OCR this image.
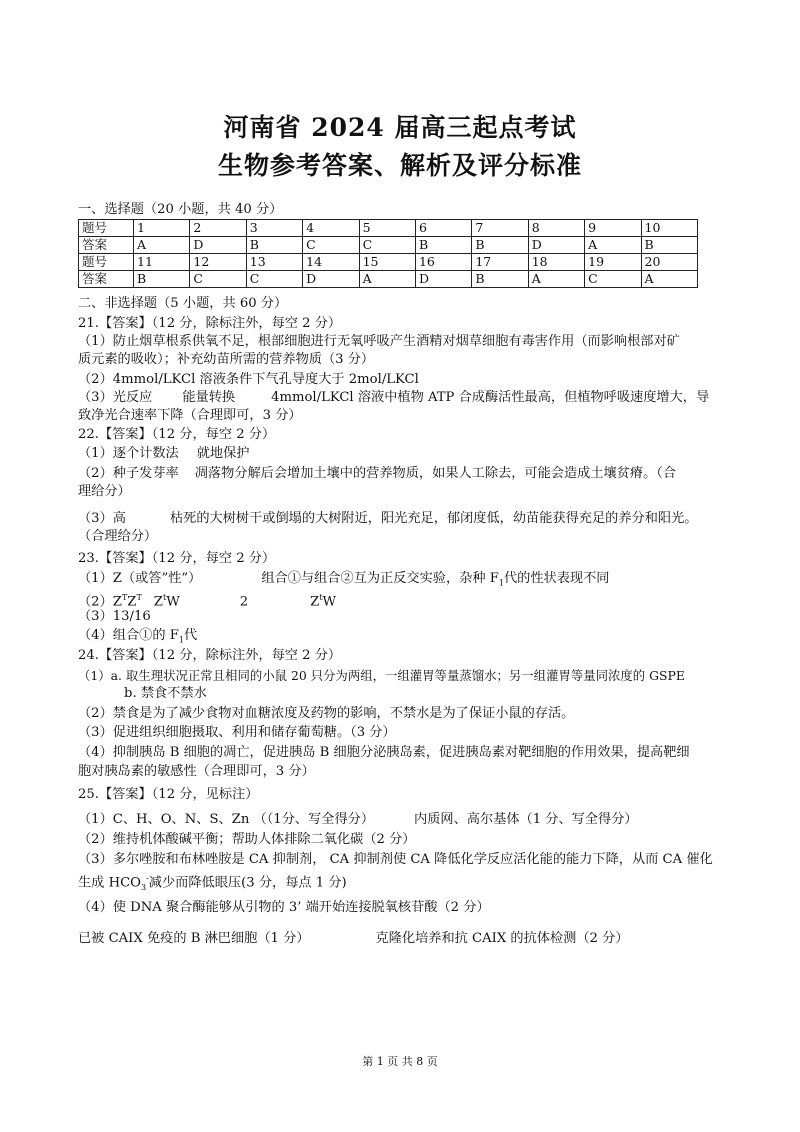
河南省 2024 届高三起点考试
生物参考答案、解析及评分标准
一、选择题（20 小题，共 40 分）
题号	1	2	3	4	5	6	7	8	9	10
答案	A	D	B	C	C	B	B	D	A	B
题号	11	12	13	14	15	16	17	18	19	20
答案	B	C	C	D	A	D	B	A	C	A
二、非选择题（5 小题，共 60 分）
21.【答案】（12 分，除标注外，每空 2 分）
（1）防止烟草根系供氧不足，根部细胞进行无氧呼吸产生酒精对烟草细胞有毒害作用（而影响根部对矿
质元素的吸收）；补充幼苗所需的营养物质（3 分）
（2）4mmol/LKCl 溶液条件下气孔导度大于 2mol/LKCl
（3）光反应 能量转换	4mmol/LKCl 溶液中植物 ATP 合成酶活性最高，但植物呼吸速度增大，导
致净光合速率下降（合理即可，3 分）
22.【答案】（12 分，每空 2 分）
（1）逐个计数法 就地保护
（2）种子发芽率 凋落物分解后会增加土壤中的营养物质，如果人工除去，可能会造成土壤贫瘠。（合
理给分）
（3）高	枯死的大树树干或倒塌的大树附近，阳光充足，郁闭度低，幼苗能获得充足的养分和阳光。
（合理给分）
23.【答案】（12 分，每空 2 分）
（1）Z（或答”性”）	组合①与组合②互为正反交实验，杂种 $F_1$代的性状表现不同
$(2)Z^TZ^T$ $Z^tW$	2	$Z^tW$
（3）13/16
（4）组合①的 $F_1$代
24.【答案】（12 分，除标注外，每空 2 分）
（1）a. 取生理状况正常且相同的小鼠 20 只分为两组，一组灌胃等量蒸馏水；另一组灌胃等量同浓度的 GSPE
b. 禁食不禁水
（2）禁食是为了减少食物对血糖浓度及药物的影响，不禁水是为了保证小鼠的存活。
（3）促进组织细胞摄取、利用和储存葡萄糖。（3 分）
（4）抑制胰岛 B 细胞的凋亡，促进胰岛 B 细胞分泌胰岛素，促进胰岛素对靶细胞的作用效果，提高靶细
胞对胰岛素的敏感性（合理即可，3 分）
25.【答案】（12 分，见标注）
（1）C、H、O、N、S、Zn （（1分、写全得分）	内质网、高尔基体（1 分、写全得分）
（2）维持机体酸碱平衡；帮助人体排除二氧化碳（2 分）
（3）多尔唑胺和布林唑胺是 CA 抑制剂， CA 抑制剂使 CA 降低化学反应活化能的能力下降，从而 CA 催化
生成 $HCO_3^-$减少而降低眼压(3 分，每点 1 分)
（4）使 DNA 聚合酶能够从引物的 3’ 端开始连接脱氧核苷酸（2 分）
已被 CAIX 免疫的 B 淋巴细胞（1 分）	克隆化培养和抗 CAIX 的抗体检测（2 分）
第 1 页 共 8 页
